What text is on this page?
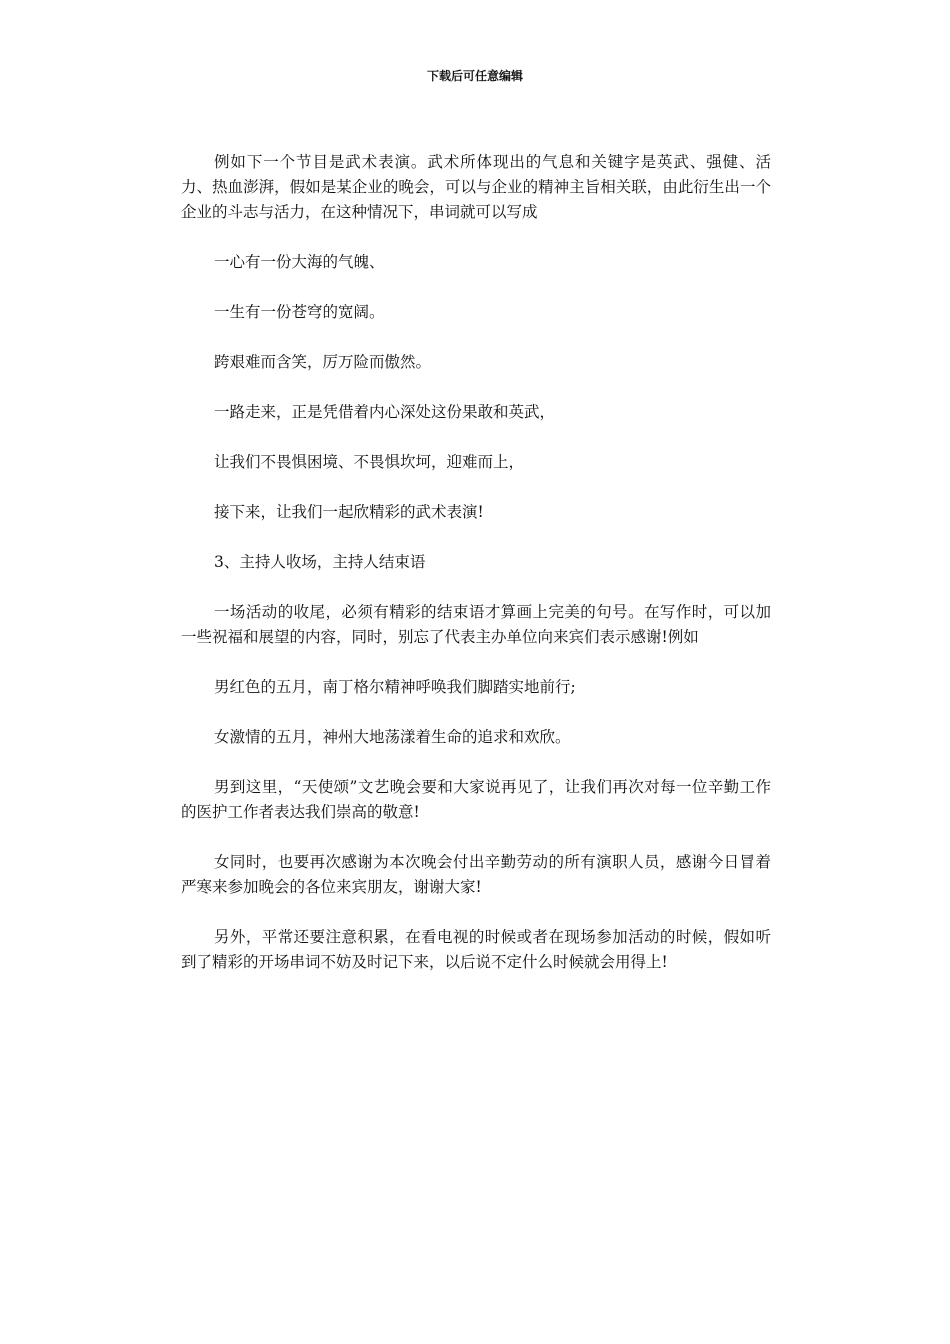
下载后可任意编辑

例如下一个节目是武术表演。武术所体现出的气息和关键字是英武、强健、活力、热血澎湃，假如是某企业的晚会，可以与企业的精神主旨相关联，由此衍生出一个企业的斗志与活力，在这种情况下，串词就可以写成

一心有一份大海的气魄、

一生有一份苍穹的宽阔。

跨艰难而含笑，厉万险而傲然。

一路走来，正是凭借着内心深处这份果敢和英武，

让我们不畏惧困境、不畏惧坎坷，迎难而上，

接下来，让我们一起欣精彩的武术表演!

3、主持人收场，主持人结束语

一场活动的收尾，必须有精彩的结束语才算画上完美的句号。在写作时，可以加一些祝福和展望的内容，同时，别忘了代表主办单位向来宾们表示感谢!例如

男红色的五月，南丁格尔精神呼唤我们脚踏实地前行;

女激情的五月，神州大地荡漾着生命的追求和欢欣。

男到这里，“天使颂”文艺晚会要和大家说再见了，让我们再次对每一位辛勤工作的医护工作者表达我们崇高的敬意!

女同时，也要再次感谢为本次晚会付出辛勤劳动的所有演职人员，感谢今日冒着严寒来参加晚会的各位来宾朋友，谢谢大家!

另外，平常还要注意积累，在看电视的时候或者在现场参加活动的时候，假如听到了精彩的开场串词不妨及时记下来，以后说不定什么时候就会用得上!
